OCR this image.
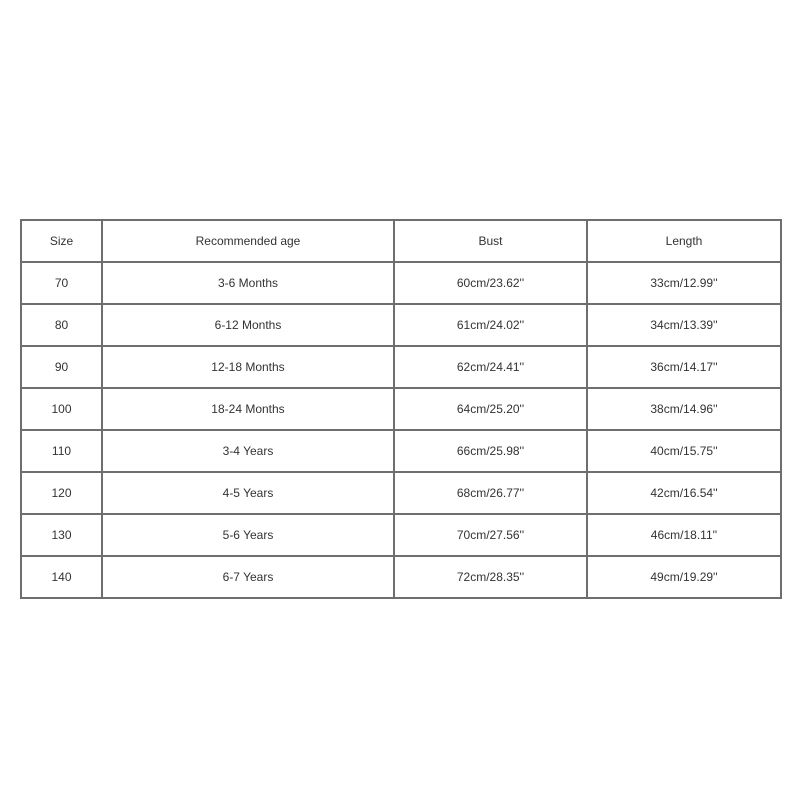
Size	Recommended age	Bust	Length
70	3-6 Months	60cm/23.62''	33cm/12.99''
80	6-12 Months	61cm/24.02''	34cm/13.39''
90	12-18 Months	62cm/24.41''	36cm/14.17''
100	18-24 Months	64cm/25.20''	38cm/14.96''
110	3-4 Years	66cm/25.98''	40cm/15.75''
120	4-5 Years	68cm/26.77''	42cm/16.54''
130	5-6 Years	70cm/27.56''	46cm/18.11''
140	6-7 Years	72cm/28.35''	49cm/19.29''
